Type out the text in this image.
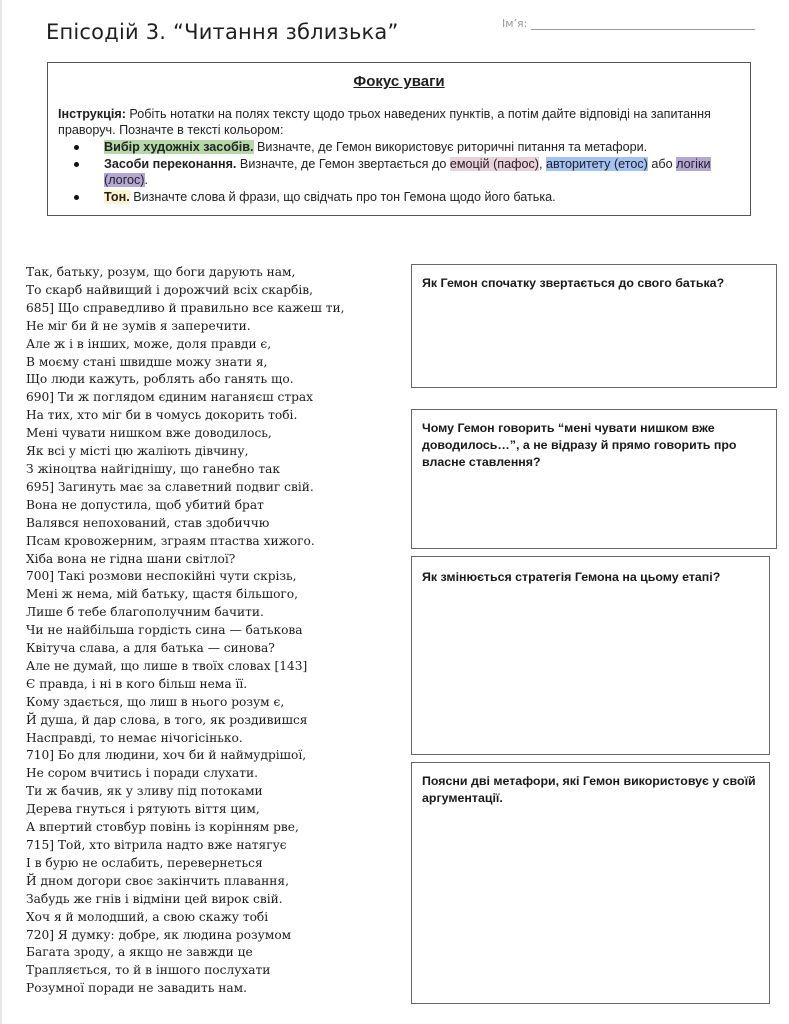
Епісодій 3. “Читання зблизька”	Ім’я:
Фокус уваги
Інструкція: Робіть нотатки на полях тексту щодо трьох наведених пунктів, а потім дайте відповіді на запитання праворуч. Позначте в тексті кольором:
Вибір художніх засобів. Визначте, де Гемон використовує риторичні питання та метафори.
Засоби переконання. Визначте, де Гемон звертається до емоцій (пафос), авторитету (етос) або логіки (логос).
Тон. Визначте слова й фрази, що свідчать про тон Гемона щодо його батька.
Так, батьку, розум, що боги дарують нам,
То скарб найвищий і дорожчий всіх скарбів,
685] Що справедливо й правильно все кажеш ти,
Не міг би й не зумів я заперечити.
Але ж і в інших, може, доля правди є,
В моєму стані швидше можу знати я,
Що люди кажуть, роблять або ганять що.
690] Ти ж поглядом єдиним наганяєш страх
На тих, хто міг би в чомусь докорить тобі.
Мені чувати нишком вже доводилось,
Як всі у місті цю жаліють дівчину,
З жіноцтва найгіднішу, що ганебно так
695] Загинуть має за славетний подвиг свій.
Вона не допустила, щоб убитий брат
Валявся непохований, став здобиччю
Псам кровожерним, зграям птаства хижого.
Хіба вона не гідна шани світлої?
700] Такі розмови неспокійні чути скрізь,
Мені ж нема, мій батьку, щастя більшого,
Лише б тебе благополучним бачити.
Чи не найбільша гордість сина — батькова
Квітуча слава, а для батька — синова?
Але не думай, що лише в твоїх словах [143]
Є правда, і ні в кого більш нема її.
Кому здається, що лиш в нього розум є,
Й душа, й дар слова, в того, як роздивишся
Насправді, то немає нічогісінько.
710] Бо для людини, хоч би й наймудрішої,
Не сором вчитись і поради слухати.
Ти ж бачив, як у зливу під потоками
Дерева гнуться і рятують віття цим,
А впертий стовбур повінь із корінням рве,
715] Той, хто вітрила надто вже натягує
І в бурю не ослабить, перевернеться
Й дном догори своє закінчить плавання,
Забудь же гнів і відміни цей вирок свій.
Хоч я й молодший, а свою скажу тобі
720] Я думку: добре, як людина розумом
Багата зроду, а якщо не завжди це
Трапляється, то й в іншого послухати
Розумної поради не завадить нам.
Як Гемон спочатку звертається до свого батька?
Чому Гемон говорить “мені чувати нишком вже доводилось…”, а не відразу й прямо говорить про власне ставлення?
Як змінюється стратегія Гемона на цьому етапі?
Поясни дві метафори, які Гемон використовує у своїй аргументації.
